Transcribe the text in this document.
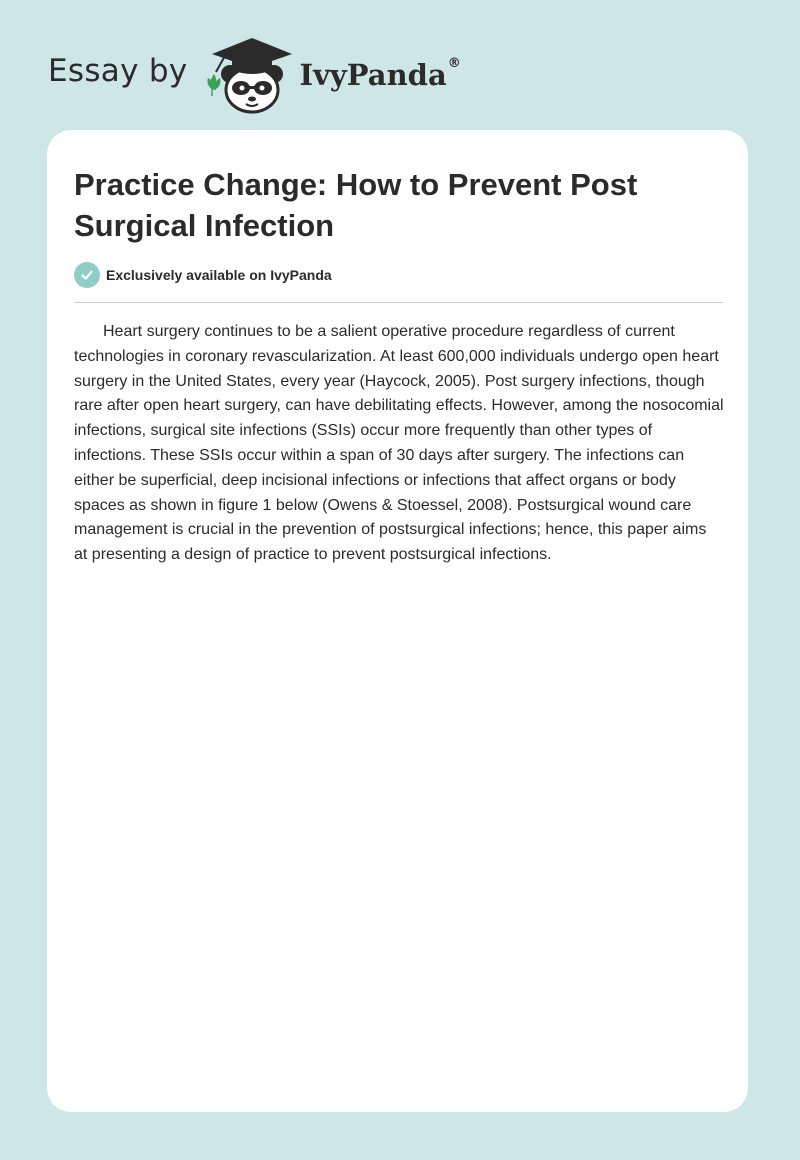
Essay by	IvyPanda®
Practice Change: How to Prevent Post Surgical Infection
Exclusively available on IvyPanda

Heart surgery continues to be a salient operative procedure regardless of current technologies in coronary revascularization. At least 600,000 individuals undergo open heart surgery in the United States, every year (Haycock, 2005). Post surgery infections, though rare after open heart surgery, can have debilitating effects. However, among the nosocomial infections, surgical site infections (SSIs) occur more frequently than other types of infections. These SSIs occur within a span of 30 days after surgery. The infections can either be superficial, deep incisional infections or infections that affect organs or body spaces as shown in figure 1 below (Owens & Stoessel, 2008). Postsurgical wound care management is crucial in the prevention of postsurgical infections; hence, this paper aims at presenting a design of practice to prevent postsurgical infections.
